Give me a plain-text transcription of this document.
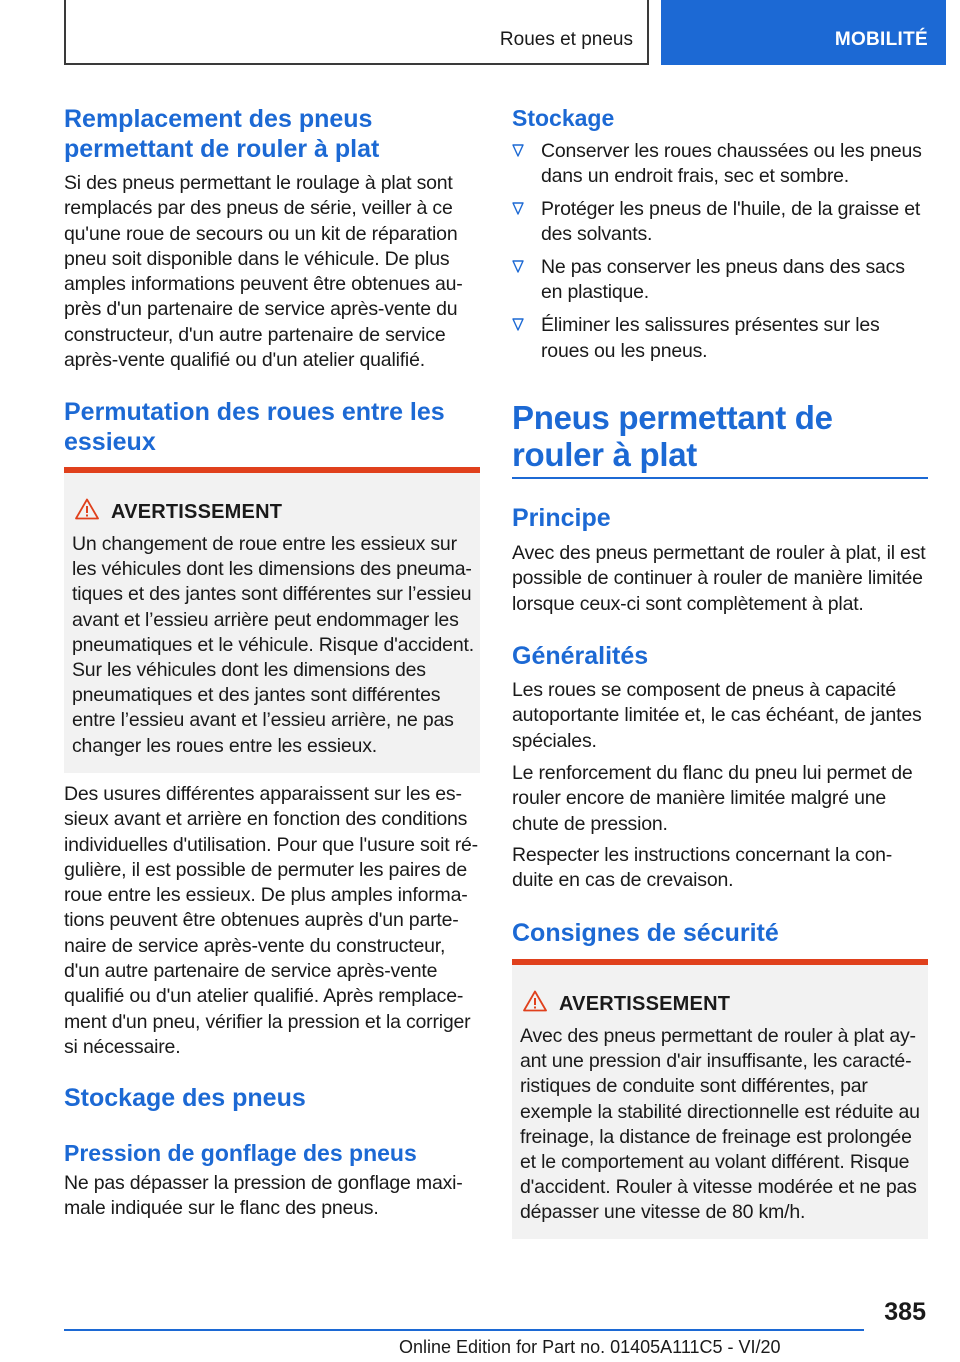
Roues et pneus	MOBILITÉ
Remplacement des pneus permettant de rouler à plat
Si des pneus permettant le roulage à plat sont remplacés par des pneus de série, veiller à ce qu'une roue de secours ou un kit de réparation pneu soit disponible dans le véhicule. De plus amples informations peuvent être obtenues au-près d'un partenaire de service après-vente du constructeur, d'un autre partenaire de service après-vente qualifié ou d'un atelier qualifié.
Permutation des roues entre les essieux
AVERTISSEMENT
Un changement de roue entre les essieux sur les véhicules dont les dimensions des pneuma-tiques et des jantes sont différentes sur l’essieu avant et l’essieu arrière peut endommager les pneumatiques et le véhicule. Risque d'accident. Sur les véhicules dont les dimensions des pneumatiques et des jantes sont différentes entre l’essieu avant et l’essieu arrière, ne pas changer les roues entre les essieux.
Des usures différentes apparaissent sur les es-sieux avant et arrière en fonction des conditions individuelles d'utilisation. Pour que l'usure soit ré-gulière, il est possible de permuter les paires de roue entre les essieux. De plus amples informa-tions peuvent être obtenues auprès d'un parte-naire de service après-vente du constructeur, d'un autre partenaire de service après-vente qualifié ou d'un atelier qualifié. Après remplace-ment d'un pneu, vérifier la pression et la corriger si nécessaire.
Stockage des pneus
Pression de gonflage des pneus
Ne pas dépasser la pression de gonflage maxi-male indiquée sur le flanc des pneus.
Stockage
Conserver les roues chaussées ou les pneus dans un endroit frais, sec et sombre.
Protéger les pneus de l'huile, de la graisse et des solvants.
Ne pas conserver les pneus dans des sacs en plastique.
Éliminer les salissures présentes sur les roues ou les pneus.
Pneus permettant de rouler à plat
Principe
Avec des pneus permettant de rouler à plat, il est possible de continuer à rouler de manière limitée lorsque ceux-ci sont complètement à plat.
Généralités
Les roues se composent de pneus à capacité autoportante limitée et, le cas échéant, de jantes spéciales.
Le renforcement du flanc du pneu lui permet de rouler encore de manière limitée malgré une chute de pression.
Respecter les instructions concernant la con-duite en cas de crevaison.
Consignes de sécurité
AVERTISSEMENT
Avec des pneus permettant de rouler à plat ay-ant une pression d'air insuffisante, les caracté-ristiques de conduite sont différentes, par exemple la stabilité directionnelle est réduite au freinage, la distance de freinage est prolongée et le comportement au volant différent. Risque d'accident. Rouler à vitesse modérée et ne pas dépasser une vitesse de 80 km/h.
385
Online Edition for Part no. 01405A111C5 - VI/20
